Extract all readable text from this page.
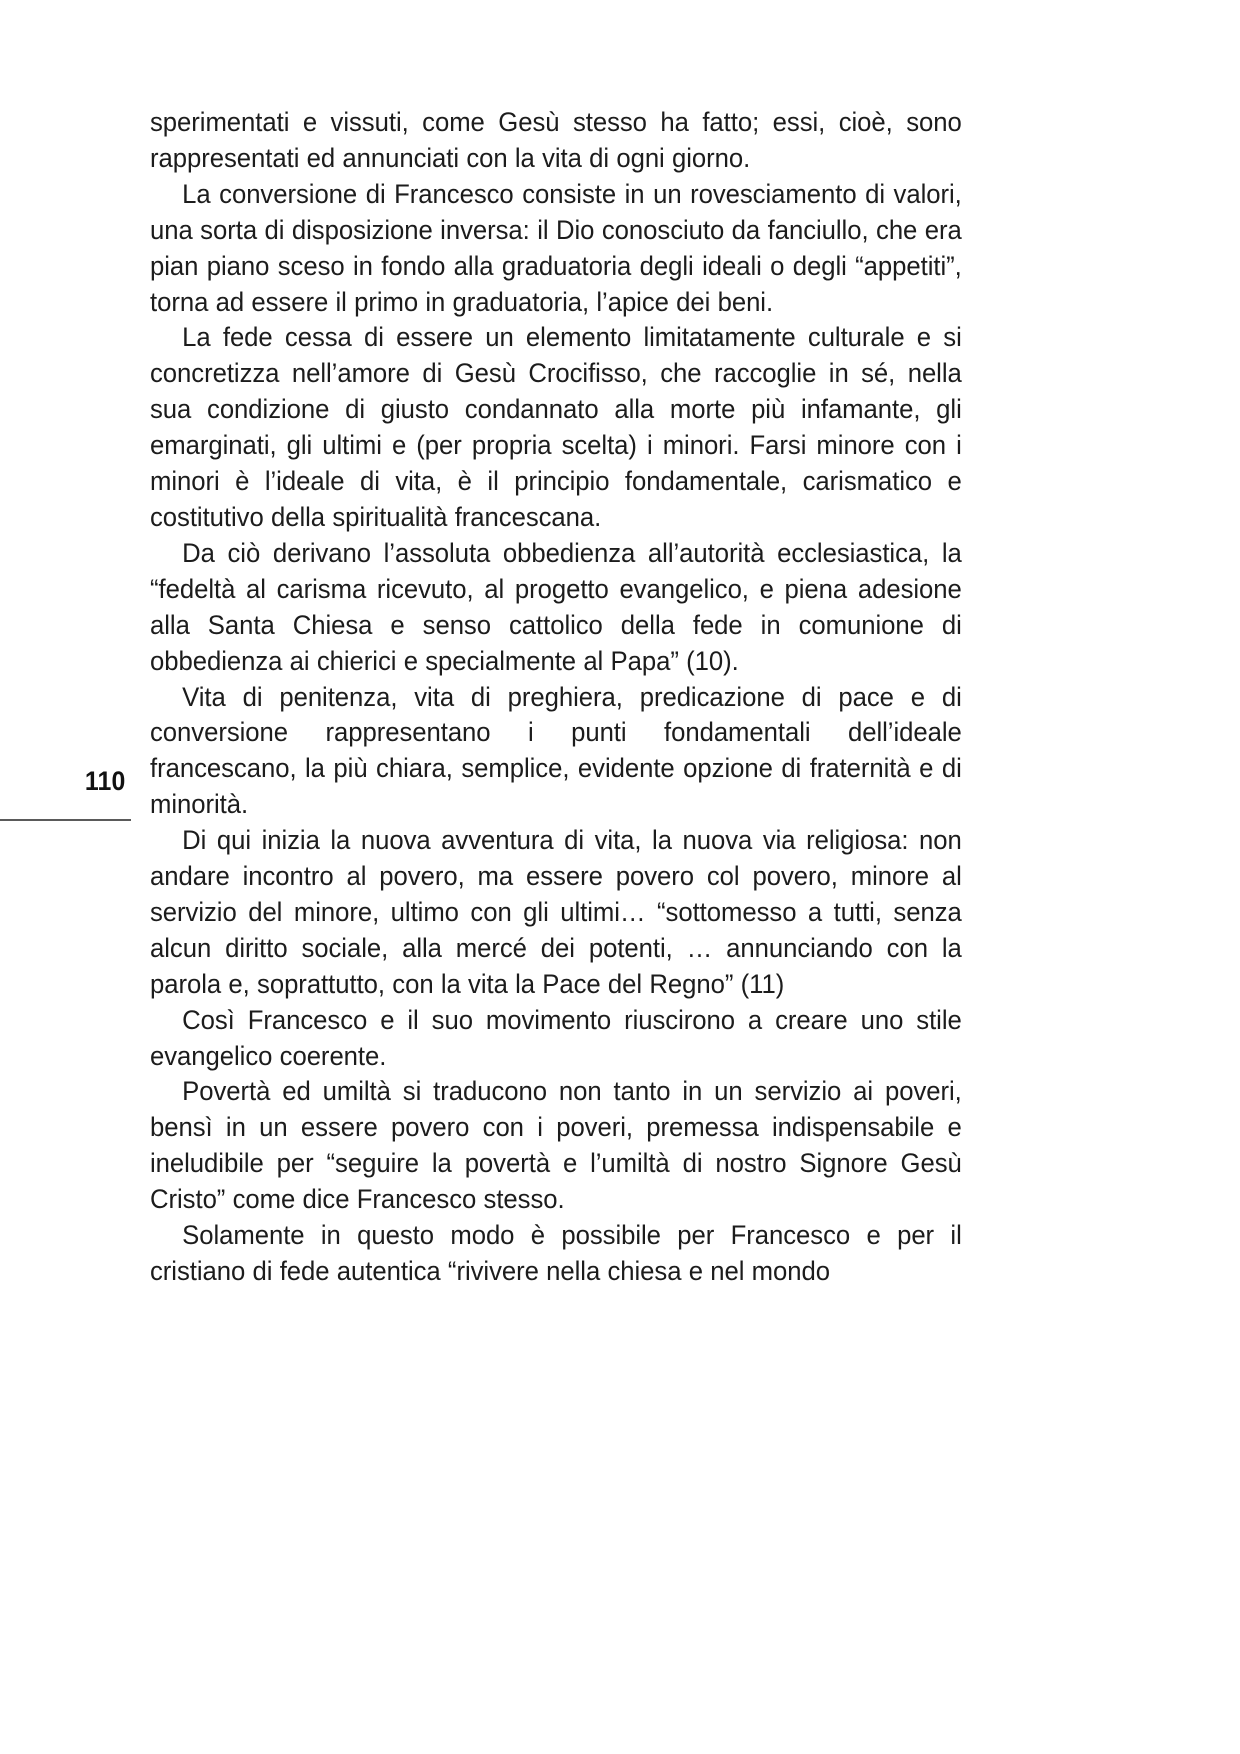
110

sperimentati e vissuti, come Gesù stesso ha fatto; essi, cioè, sono rappresentati ed annunciati con la vita di ogni giorno.

La conversione di Francesco consiste in un rovesciamento di valori, una sorta di disposizione inversa: il Dio conosciuto da fanciullo, che era pian piano sceso in fondo alla graduatoria degli ideali o degli “appetiti”, torna ad essere il primo in graduatoria, l’apice dei beni.

La fede cessa di essere un elemento limitatamente culturale e si concretizza nell’amore di Gesù Crocifisso, che raccoglie in sé, nella sua condizione di giusto condannato alla morte più infamante, gli emarginati, gli ultimi e (per propria scelta) i minori. Farsi minore con i minori è l’ideale di vita, è il principio fondamentale, carismatico e costitutivo della spiritualità francescana.

Da ciò derivano l’assoluta obbedienza all’autorità ecclesiastica, la “fedeltà al carisma ricevuto, al progetto evangelico, e piena adesione alla Santa Chiesa e senso cattolico della fede in comunione di obbedienza ai chierici e specialmente al Papa” (10).

Vita di penitenza, vita di preghiera, predicazione di pace e di conversione rappresentano i punti fondamentali dell’ideale francescano, la più chiara, semplice, evidente opzione di fraternità e di minorità.

Di qui inizia la nuova avventura di vita, la nuova via religiosa: non andare incontro al povero, ma essere povero col povero, minore al servizio del minore, ultimo con gli ultimi… “sottomesso a tutti, senza alcun diritto sociale, alla mercé dei potenti, … annunciando con la parola e, soprattutto, con la vita la Pace del Regno” (11)

Così Francesco e il suo movimento riuscirono a creare uno stile evangelico coerente.

Povertà ed umiltà si traducono non tanto in un servizio ai poveri, bensì in un essere povero con i poveri, premessa indispensabile e ineludibile per “seguire la povertà e l’umiltà di nostro Signore Gesù Cristo” come dice Francesco stesso.

Solamente in questo modo è possibile per Francesco e per il cristiano di fede autentica “rivivere nella chiesa e nel mondo
